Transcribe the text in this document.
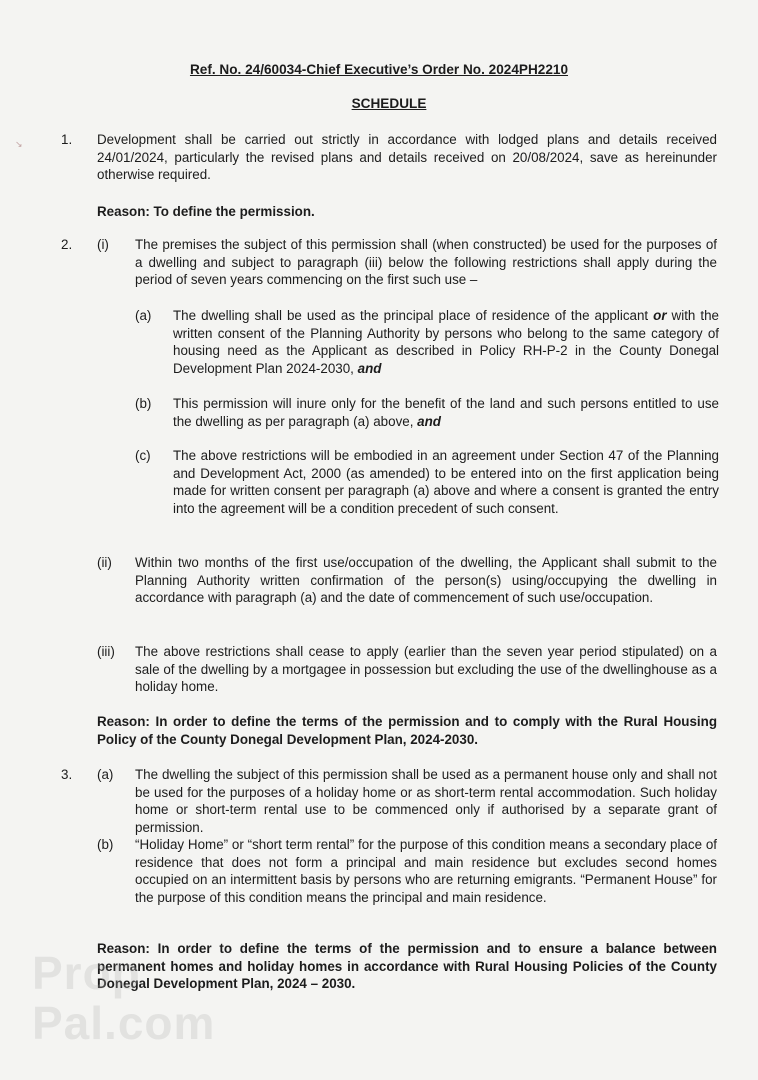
↘
Ref. No. 24/60034-Chief Executive’s Order No. 2024PH2210
SCHEDULE
1. Development shall be carried out strictly in accordance with lodged plans and details received 24/01/2024, particularly the revised plans and details received on 20/08/2024, save as hereinunder otherwise required.
Reason: To define the permission.
2. (i) The premises the subject of this permission shall (when constructed) be used for the purposes of a dwelling and subject to paragraph (iii) below the following restrictions shall apply during the period of seven years commencing on the first such use –
(a) The dwelling shall be used as the principal place of residence of the applicant or with the written consent of the Planning Authority by persons who belong to the same category of housing need as the Applicant as described in Policy RH-P-2 in the County Donegal Development Plan 2024-2030, and
(b) This permission will inure only for the benefit of the land and such persons entitled to use the dwelling as per paragraph (a) above, and
(c) The above restrictions will be embodied in an agreement under Section 47 of the Planning and Development Act, 2000 (as amended) to be entered into on the first application being made for written consent per paragraph (a) above and where a consent is granted the entry into the agreement will be a condition precedent of such consent.
(ii) Within two months of the first use/occupation of the dwelling, the Applicant shall submit to the Planning Authority written confirmation of the person(s) using/occupying the dwelling in accordance with paragraph (a) and the date of commencement of such use/occupation.
(iii) The above restrictions shall cease to apply (earlier than the seven year period stipulated) on a sale of the dwelling by a mortgagee in possession but excluding the use of the dwellinghouse as a holiday home.
Reason: In order to define the terms of the permission and to comply with the Rural Housing Policy of the County Donegal Development Plan, 2024-2030.
3. (a) The dwelling the subject of this permission shall be used as a permanent house only and shall not be used for the purposes of a holiday home or as short-term rental accommodation. Such holiday home or short-term rental use to be commenced only if authorised by a separate grant of permission.
(b) “Holiday Home” or “short term rental” for the purpose of this condition means a secondary place of residence that does not form a principal and main residence but excludes second homes occupied on an intermittent basis by persons who are returning emigrants. “Permanent House” for the purpose of this condition means the principal and main residence.
Reason: In order to define the terms of the permission and to ensure a balance between permanent homes and holiday homes in accordance with Rural Housing Policies of the County Donegal Development Plan, 2024 – 2030.
Prop
Pal.com
